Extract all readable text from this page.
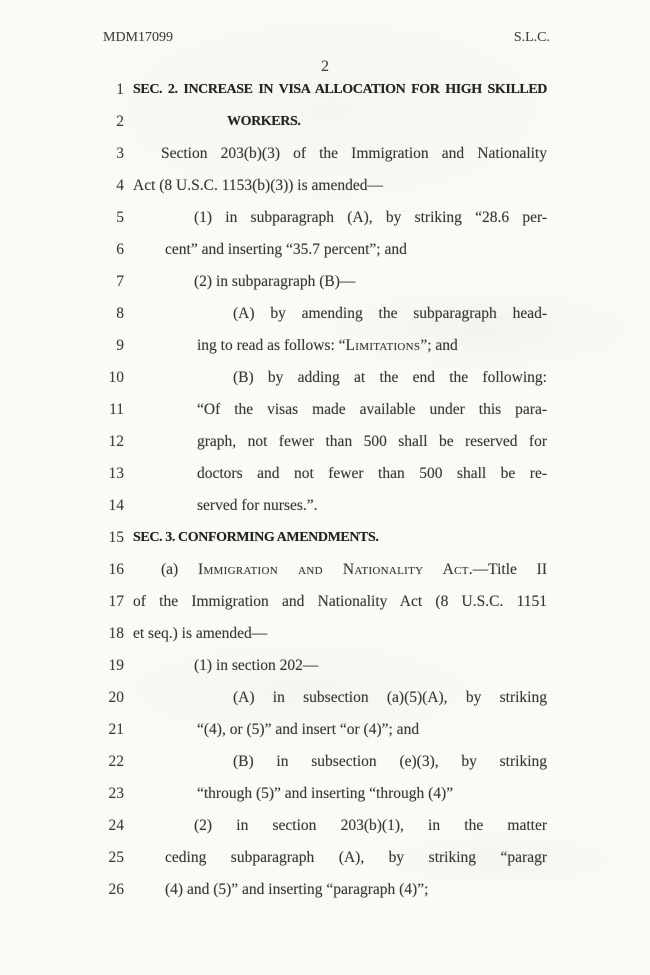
MDM17099	S.L.C.
2
1 SEC. 2. INCREASE IN VISA ALLOCATION FOR HIGH SKILLED
2	WORKERS.
3 Section 203(b)(3) of the Immigration and Nationality
4 Act (8 U.S.C. 1153(b)(3)) is amended—
5	(1) in subparagraph (A), by striking “28.6 per-
6	cent” and inserting “35.7 percent”; and
7	(2) in subparagraph (B)—
8	(A) by amending the subparagraph head-
9	ing to read as follows: “Limitations”; and
10	(B) by adding at the end the following:
11	“Of the visas made available under this para-
12	graph, not fewer than 500 shall be reserved for
13	doctors and not fewer than 500 shall be re-
14	served for nurses.”.
15 SEC. 3. CONFORMING AMENDMENTS.
16 (a) Immigration and Nationality Act.—Title II
17 of the Immigration and Nationality Act (8 U.S.C. 1151
18 et seq.) is amended—
19	(1) in section 202—
20	(A) in subsection (a)(5)(A), by striking
21	“(4), or (5)” and insert “or (4)”; and
22	(B) in subsection (e)(3), by striking
23	“through (5)” and inserting “through (4)”
24	(2) in section 203(b)(1), in the matter
25	ceding subparagraph (A), by striking “paragr
26	(4) and (5)” and inserting “paragraph (4)”;
